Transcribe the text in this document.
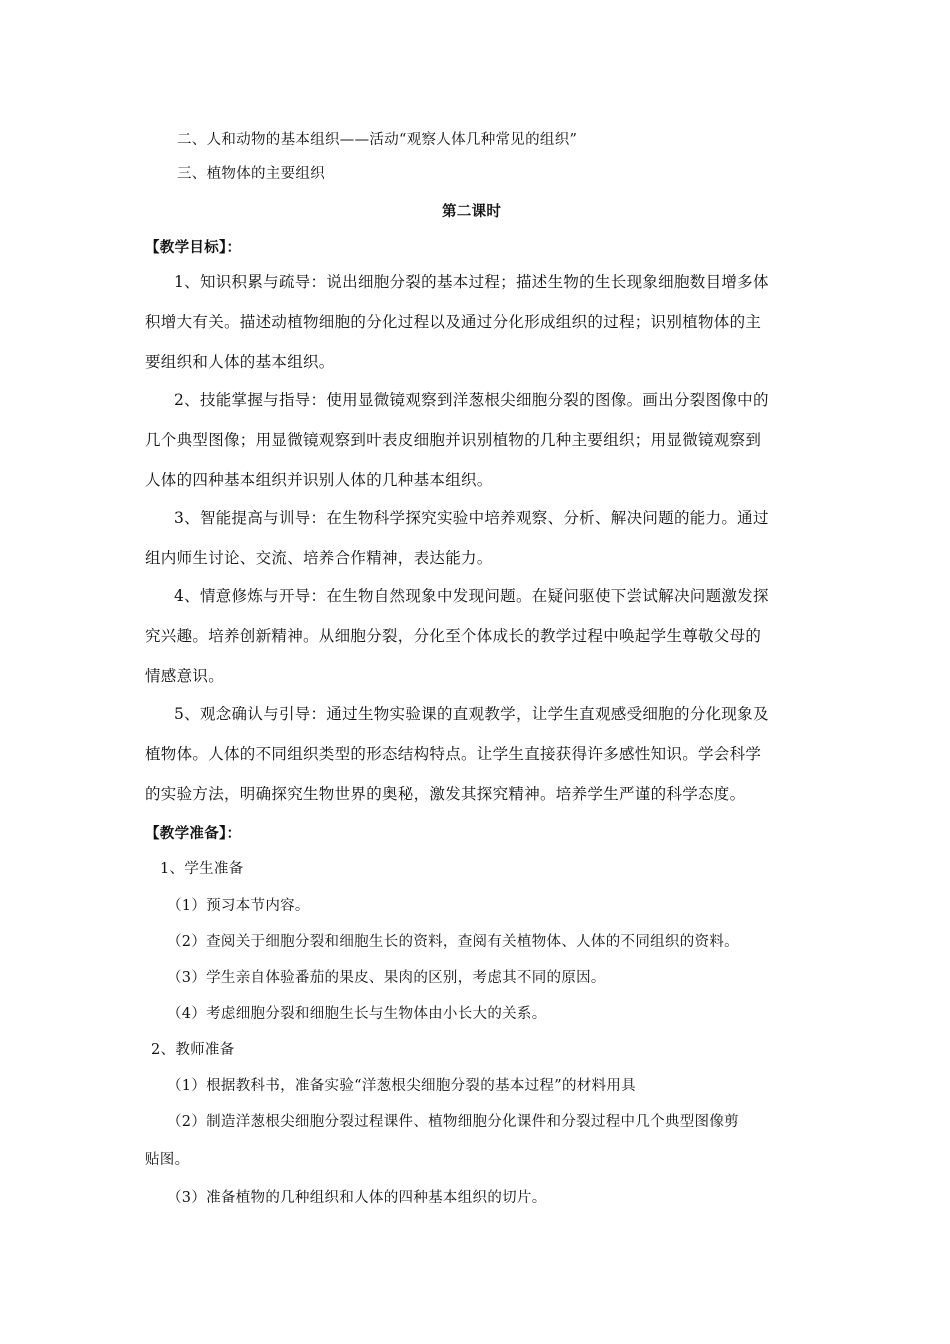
二、人和动物的基本组织——活动“观察人体几种常见的组织”

三、植物体的主要组织

第二课时

【教学目标】：

1、知识积累与疏导：说出细胞分裂的基本过程；描述生物的生长现象细胞数目增多体

积增大有关。描述动植物细胞的分化过程以及通过分化形成组织的过程；识别植物体的主

要组织和人体的基本组织。

2、技能掌握与指导：使用显微镜观察到洋葱根尖细胞分裂的图像。画出分裂图像中的

几个典型图像；用显微镜观察到叶表皮细胞并识别植物的几种主要组织；用显微镜观察到

人体的四种基本组织并识别人体的几种基本组织。

3、智能提高与训导：在生物科学探究实验中培养观察、分析、解决问题的能力。通过

组内师生讨论、交流、培养合作精神，表达能力。

4、情意修炼与开导：在生物自然现象中发现问题。在疑问驱使下尝试解决问题激发探

究兴趣。培养创新精神。从细胞分裂，分化至个体成长的教学过程中唤起学生尊敬父母的

情感意识。

5、观念确认与引导：通过生物实验课的直观教学，让学生直观感受细胞的分化现象及

植物体。人体的不同组织类型的形态结构特点。让学生直接获得许多感性知识。学会科学

的实验方法，明确探究生物世界的奥秘，激发其探究精神。培养学生严谨的科学态度。

【教学准备】：

1、学生准备

（1）预习本节内容。

（2）查阅关于细胞分裂和细胞生长的资料，查阅有关植物体、人体的不同组织的资料。

（3）学生亲自体验番茄的果皮、果肉的区别，考虑其不同的原因。

（4）考虑细胞分裂和细胞生长与生物体由小长大的关系。

2、教师准备

（1）根据教科书，准备实验“洋葱根尖细胞分裂的基本过程”的材料用具

（2）制造洋葱根尖细胞分裂过程课件、植物细胞分化课件和分裂过程中几个典型图像剪

贴图。

（3）准备植物的几种组织和人体的四种基本组织的切片。
